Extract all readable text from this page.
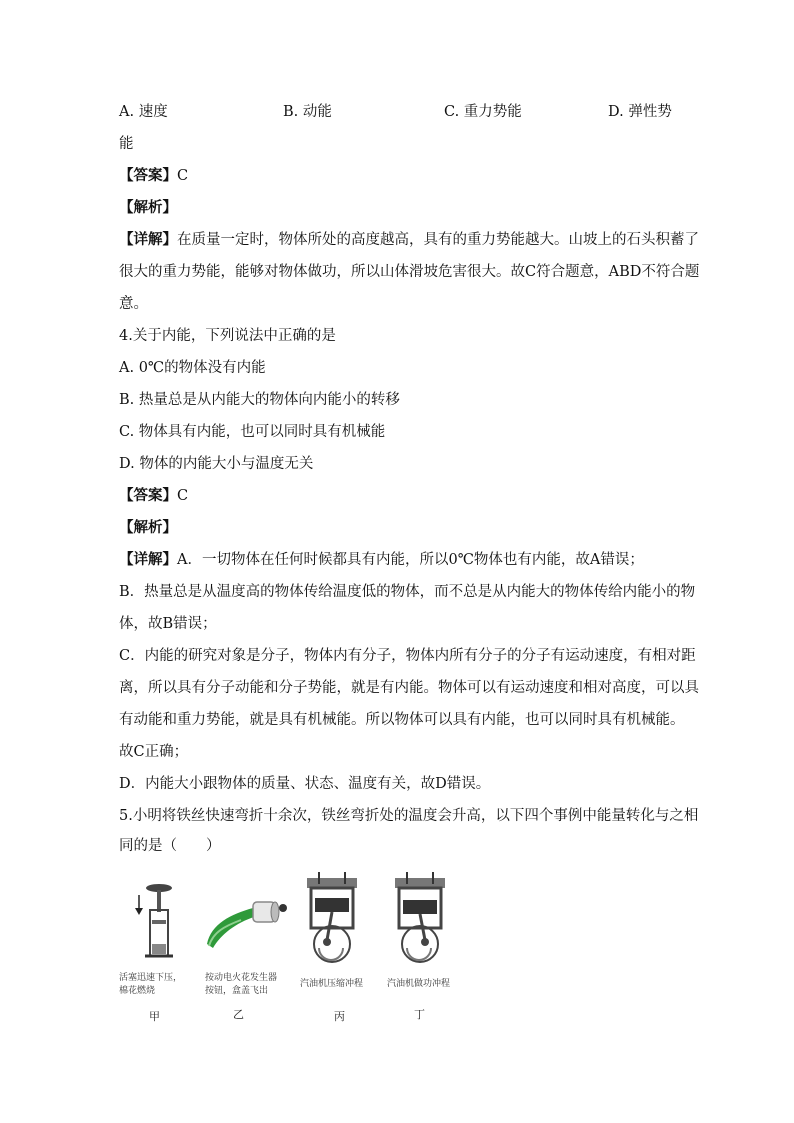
A. 速度	B. 动能	C. 重力势能	D. 弹性势
能
【答案】C
【解析】
【详解】在质量一定时，物体所处的高度越高，具有的重力势能越大。山坡上的石头积蓄了
很大的重力势能，能够对物体做功，所以山体滑坡危害很大。故C符合题意，ABD不符合题
意。
4.关于内能，下列说法中正确的是
A. 0℃的物体没有内能
B. 热量总是从内能大的物体向内能小的转移
C. 物体具有内能，也可以同时具有机械能
D. 物体的内能大小与温度无关
【答案】C
【解析】
【详解】A．一切物体在任何时候都具有内能，所以0℃物体也有内能，故A错误；
B．热量总是从温度高的物体传给温度低的物体，而不总是从内能大的物体传给内能小的物
体，故B错误；
C．内能的研究对象是分子，物体内有分子，物体内所有分子的分子有运动速度，有相对距
离，所以具有分子动能和分子势能，就是有内能。物体可以有运动速度和相对高度，可以具
有动能和重力势能，就是具有机械能。所以物体可以具有内能，也可以同时具有机械能。
故C正确；
D．内能大小跟物体的质量、状态、温度有关，故D错误。
5.小明将铁丝快速弯折十余次，铁丝弯折处的温度会升高，以下四个事例中能量转化与之相
同的是（　　）
活塞迅速下压，
棉花燃烧
按动电火花发生器
按钮，盒盖飞出
汽油机压缩冲程	汽油机做功冲程
甲	乙	丙	丁
